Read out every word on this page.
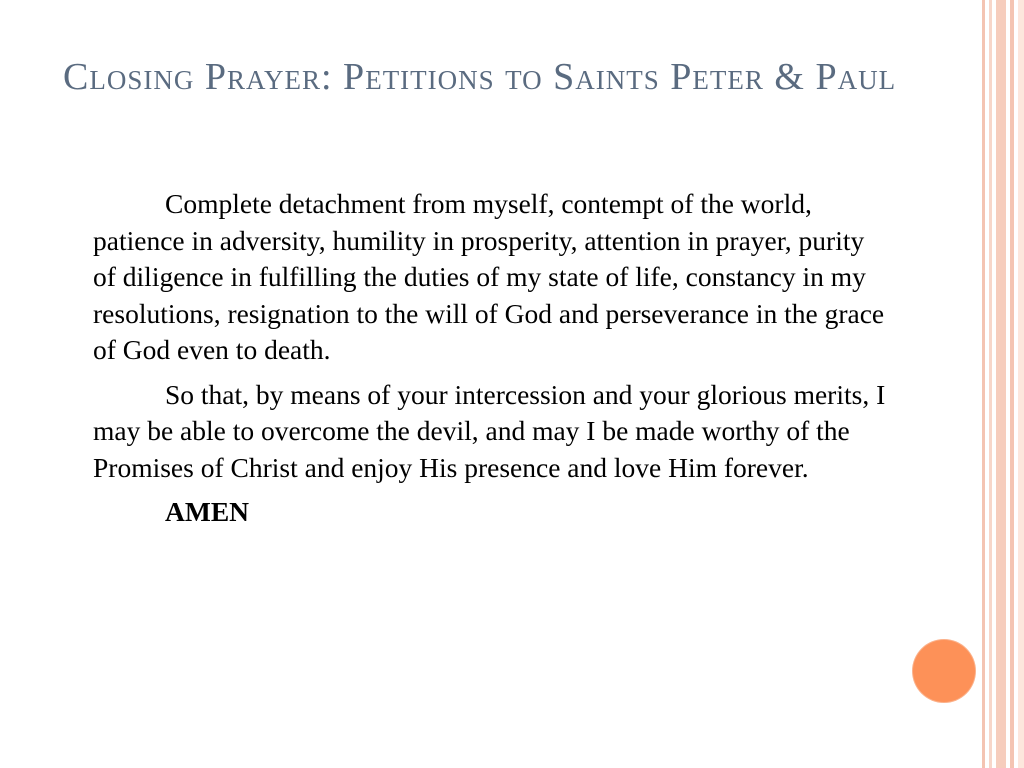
Closing Prayer: Petitions to Saints Peter & Paul

Complete detachment from myself, contempt of the world, patience in adversity, humility in prosperity, attention in prayer, purity of diligence in fulfilling the duties of my state of life, constancy in my resolutions, resignation to the will of God and perseverance in the grace of God even to death.

So that, by means of your intercession and your glorious merits, I may be able to overcome the devil, and may I be made worthy of the Promises of Christ and enjoy His presence and love Him forever.

AMEN
